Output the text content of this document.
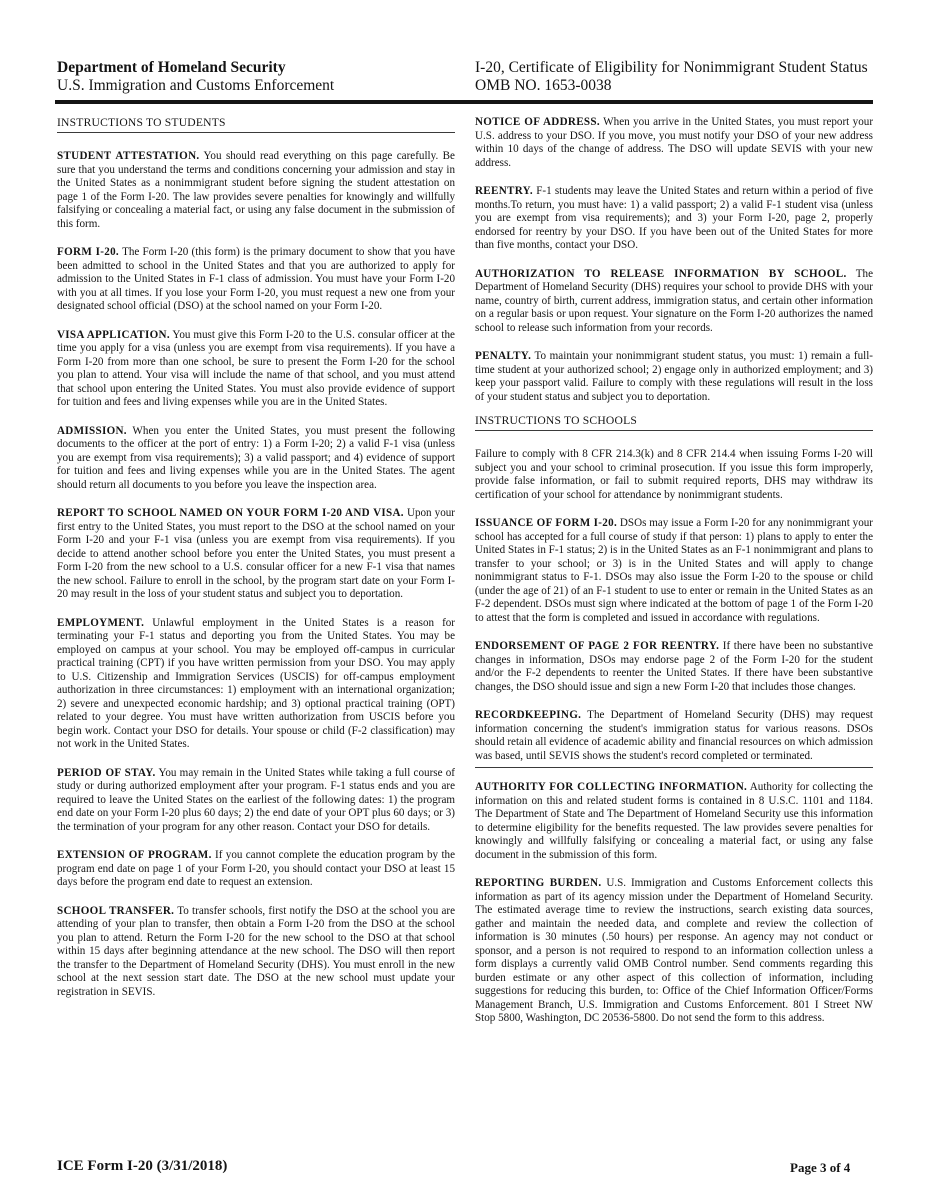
Department of Homeland Security
U.S. Immigration and Customs Enforcement
I-20, Certificate of Eligibility for Nonimmigrant Student Status
OMB NO. 1653-0038
INSTRUCTIONS TO STUDENTS

STUDENT ATTESTATION. You should read everything on this page carefully. Be sure that you understand the terms and conditions concerning your admission and stay in the United States as a nonimmigrant student before signing the student attestation on page 1 of the Form I-20. The law provides severe penalties for knowingly and willfully falsifying or concealing a material fact, or using any false document in the submission of this form.

FORM I-20. The Form I-20 (this form) is the primary document to show that you have been admitted to school in the United States and that you are authorized to apply for admission to the United States in F-1 class of admission. You must have your Form I-20 with you at all times. If you lose your Form I-20, you must request a new one from your designated school official (DSO) at the school named on your Form I-20.

VISA APPLICATION. You must give this Form I-20 to the U.S. consular officer at the time you apply for a visa (unless you are exempt from visa requirements). If you have a Form I-20 from more than one school, be sure to present the Form I-20 for the school you plan to attend. Your visa will include the name of that school, and you must attend that school upon entering the United States. You must also provide evidence of support for tuition and fees and living expenses while you are in the United States.

ADMISSION. When you enter the United States, you must present the following documents to the officer at the port of entry: 1) a Form I-20; 2) a valid F-1 visa (unless you are exempt from visa requirements); 3) a valid passport; and 4) evidence of support for tuition and fees and living expenses while you are in the United States. The agent should return all documents to you before you leave the inspection area.

REPORT TO SCHOOL NAMED ON YOUR FORM I-20 AND VISA. Upon your first entry to the United States, you must report to the DSO at the school named on your Form I-20 and your F-1 visa (unless you are exempt from visa requirements). If you decide to attend another school before you enter the United States, you must present a Form I-20 from the new school to a U.S. consular officer for a new F-1 visa that names the new school. Failure to enroll in the school, by the program start date on your Form I-20 may result in the loss of your student status and subject you to deportation.

EMPLOYMENT. Unlawful employment in the United States is a reason for terminating your F-1 status and deporting you from the United States. You may be employed on campus at your school. You may be employed off-campus in curricular practical training (CPT) if you have written permission from your DSO. You may apply to U.S. Citizenship and Immigration Services (USCIS) for off-campus employment authorization in three circumstances: 1) employment with an international organization; 2) severe and unexpected economic hardship; and 3) optional practical training (OPT) related to your degree. You must have written authorization from USCIS before you begin work. Contact your DSO for details. Your spouse or child (F-2 classification) may not work in the United States.

PERIOD OF STAY. You may remain in the United States while taking a full course of study or during authorized employment after your program. F-1 status ends and you are required to leave the United States on the earliest of the following dates: 1) the program end date on your Form I-20 plus 60 days; 2) the end date of your OPT plus 60 days; or 3) the termination of your program for any other reason. Contact your DSO for details.

EXTENSION OF PROGRAM. If you cannot complete the education program by the program end date on page 1 of your Form I-20, you should contact your DSO at least 15 days before the program end date to request an extension.

SCHOOL TRANSFER. To transfer schools, first notify the DSO at the school you are attending of your plan to transfer, then obtain a Form I-20 from the DSO at the school you plan to attend. Return the Form I-20 for the new school to the DSO at that school within 15 days after beginning attendance at the new school. The DSO will then report the transfer to the Department of Homeland Security (DHS). You must enroll in the new school at the next session start date. The DSO at the new school must update your registration in SEVIS.

NOTICE OF ADDRESS. When you arrive in the United States, you must report your U.S. address to your DSO. If you move, you must notify your DSO of your new address within 10 days of the change of address. The DSO will update SEVIS with your new address.

REENTRY. F-1 students may leave the United States and return within a period of five months.To return, you must have: 1) a valid passport; 2) a valid F-1 student visa (unless you are exempt from visa requirements); and 3) your Form I-20, page 2, properly endorsed for reentry by your DSO. If you have been out of the United States for more than five months, contact your DSO.

AUTHORIZATION TO RELEASE INFORMATION BY SCHOOL. The Department of Homeland Security (DHS) requires your school to provide DHS with your name, country of birth, current address, immigration status, and certain other information on a regular basis or upon request. Your signature on the Form I-20 authorizes the named school to release such information from your records.

PENALTY. To maintain your nonimmigrant student status, you must: 1) remain a full-time student at your authorized school; 2) engage only in authorized employment; and 3) keep your passport valid. Failure to comply with these regulations will result in the loss of your student status and subject you to deportation.

INSTRUCTIONS TO SCHOOLS

Failure to comply with 8 CFR 214.3(k) and 8 CFR 214.4 when issuing Forms I-20 will subject you and your school to criminal prosecution. If you issue this form improperly, provide false information, or fail to submit required reports, DHS may withdraw its certification of your school for attendance by nonimmigrant students.

ISSUANCE OF FORM I-20. DSOs may issue a Form I-20 for any nonimmigrant your school has accepted for a full course of study if that person: 1) plans to apply to enter the United States in F-1 status; 2) is in the United States as an F-1 nonimmigrant and plans to transfer to your school; or 3) is in the United States and will apply to change nonimmigrant status to F-1. DSOs may also issue the Form I-20 to the spouse or child (under the age of 21) of an F-1 student to use to enter or remain in the United States as an F-2 dependent. DSOs must sign where indicated at the bottom of page 1 of the Form I-20 to attest that the form is completed and issued in accordance with regulations.

ENDORSEMENT OF PAGE 2 FOR REENTRY. If there have been no substantive changes in information, DSOs may endorse page 2 of the Form I-20 for the student and/or the F-2 dependents to reenter the United States. If there have been substantive changes, the DSO should issue and sign a new Form I-20 that includes those changes.

RECORDKEEPING. The Department of Homeland Security (DHS) may request information concerning the student's immigration status for various reasons. DSOs should retain all evidence of academic ability and financial resources on which admission was based, until SEVIS shows the student's record completed or terminated.

AUTHORITY FOR COLLECTING INFORMATION. Authority for collecting the information on this and related student forms is contained in 8 U.S.C. 1101 and 1184. The Department of State and The Department of Homeland Security use this information to determine eligibility for the benefits requested. The law provides severe penalties for knowingly and willfully falsifying or concealing a material fact, or using any false document in the submission of this form.

REPORTING BURDEN. U.S. Immigration and Customs Enforcement collects this information as part of its agency mission under the Department of Homeland Security. The estimated average time to review the instructions, search existing data sources, gather and maintain the needed data, and complete and review the collection of information is 30 minutes (.50 hours) per response. An agency may not conduct or sponsor, and a person is not required to respond to an information collection unless a form displays a currently valid OMB Control number. Send comments regarding this burden estimate or any other aspect of this collection of information, including suggestions for reducing this burden, to: Office of the Chief Information Officer/Forms Management Branch, U.S. Immigration and Customs Enforcement. 801 I Street NW Stop 5800, Washington, DC 20536-5800. Do not send the form to this address.

ICE Form I-20 (3/31/2018)	Page 3 of 4
